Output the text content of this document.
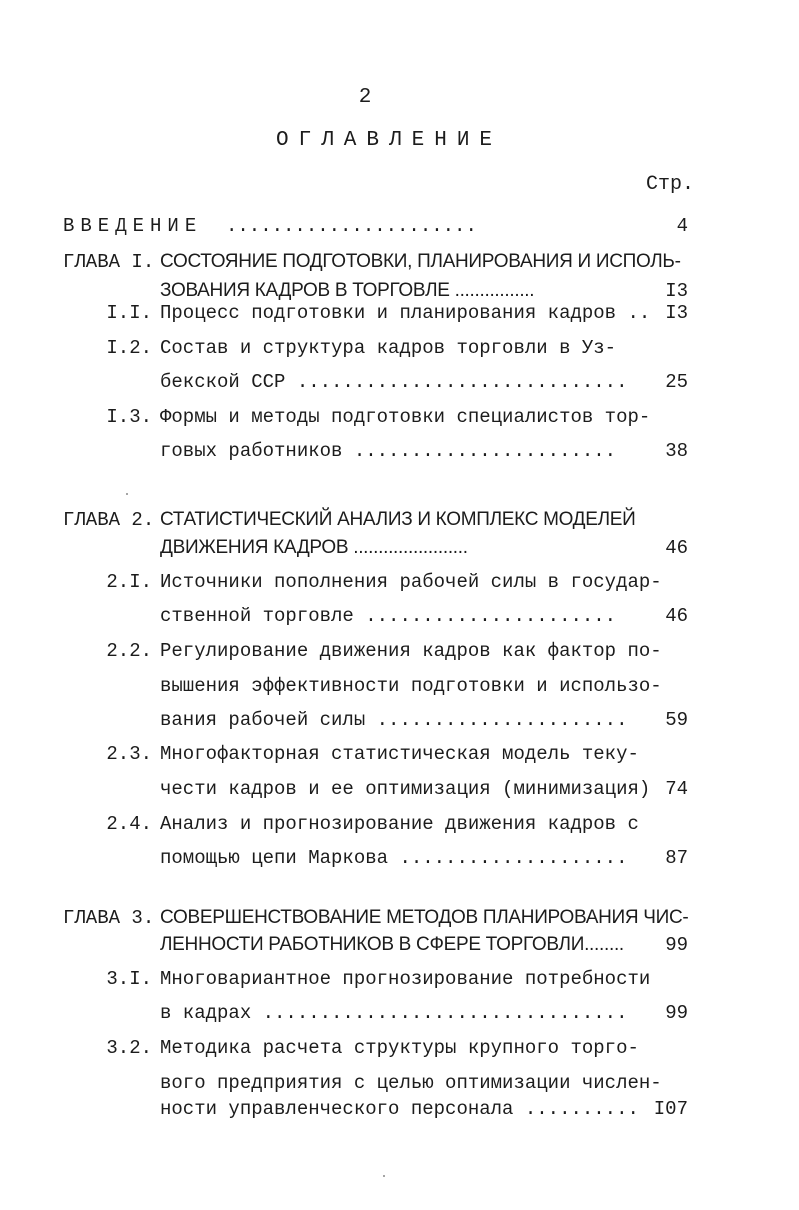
2
ОГЛАВЛЕНИЕ
Стр.
ВВЕДЕНИЕ ......................	4
ГЛАВА I. СОСТОЯНИЕ ПОДГОТОВКИ, ПЛАНИРОВАНИЯ И ИСПОЛЬ-
ЗОВАНИЯ КАДРОВ В ТОРГОВЛЕ ................	I3
I.I. Процесс подготовки и планирования кадров .. I3
I.2. Состав и структура кадров торговли в Уз-
бекской ССР .............................	25
I.3. Формы и методы подготовки специалистов тор-
говых работников .......................	38
ГЛАВА 2. СТАТИСТИЧЕСКИЙ АНАЛИЗ И КОМПЛЕКС МОДЕЛЕЙ
ДВИЖЕНИЯ КАДРОВ .......................	46
2.I. Источники пополнения рабочей силы в государ-
ственной торговле ......................	46
2.2. Регулирование движения кадров как фактор по-
вышения эффективности подготовки и использо-
вания рабочей силы ......................	59
2.3. Многофакторная статистическая модель теку-
чести кадров и ее оптимизация (минимизация) 74
2.4. Анализ и прогнозирование движения кадров с
помощью цепи Маркова ....................	87
ГЛАВА 3. СОВЕРШЕНСТВОВАНИЕ МЕТОДОВ ПЛАНИРОВАНИЯ ЧИС-
ЛЕННОСТИ РАБОТНИКОВ В СФЕРЕ ТОРГОВЛИ........	99
3.I. Многовариантное прогнозирование потребности
в кадрах ................................	99
3.2. Методика расчета структуры крупного торго-
вого предприятия с целью оптимизации числен-
ности управленческого персонала .......... I07
